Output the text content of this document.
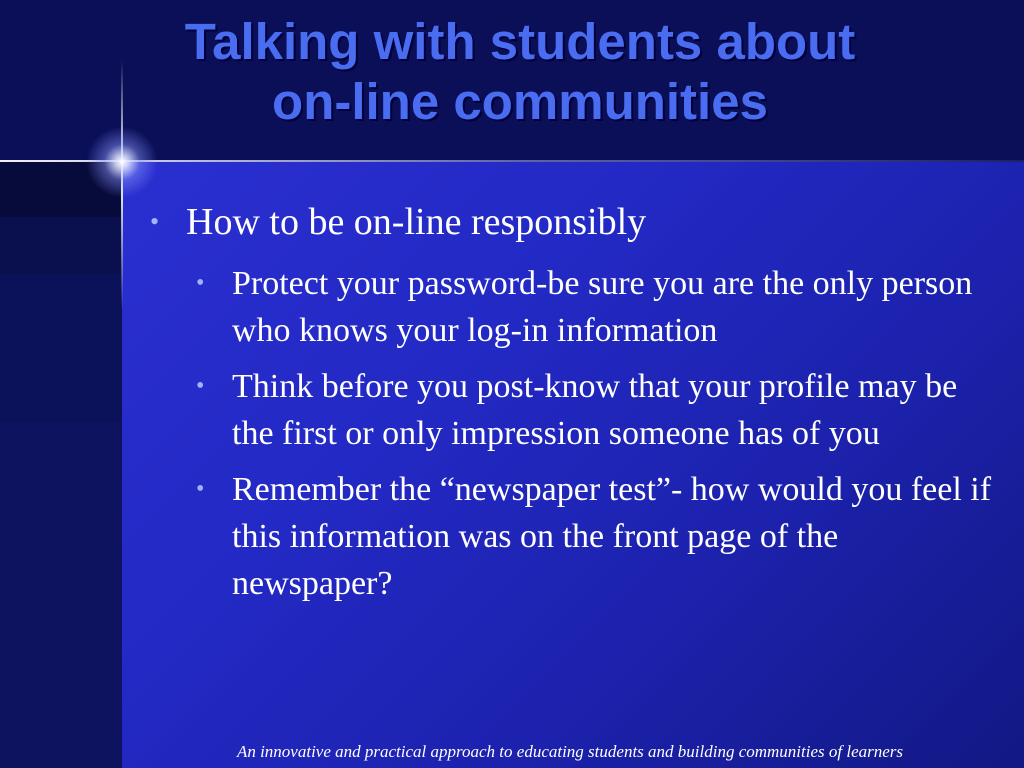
Talking with students about
on-line communities
• How to be on-line responsibly
• Protect your password-be sure you are the only person who knows your log-in information
• Think before you post-know that your profile may be the first or only impression someone has of you
• Remember the “newspaper test”- how would you feel if this information was on the front page of the newspaper?
An innovative and practical approach to educating students and building communities of learners
